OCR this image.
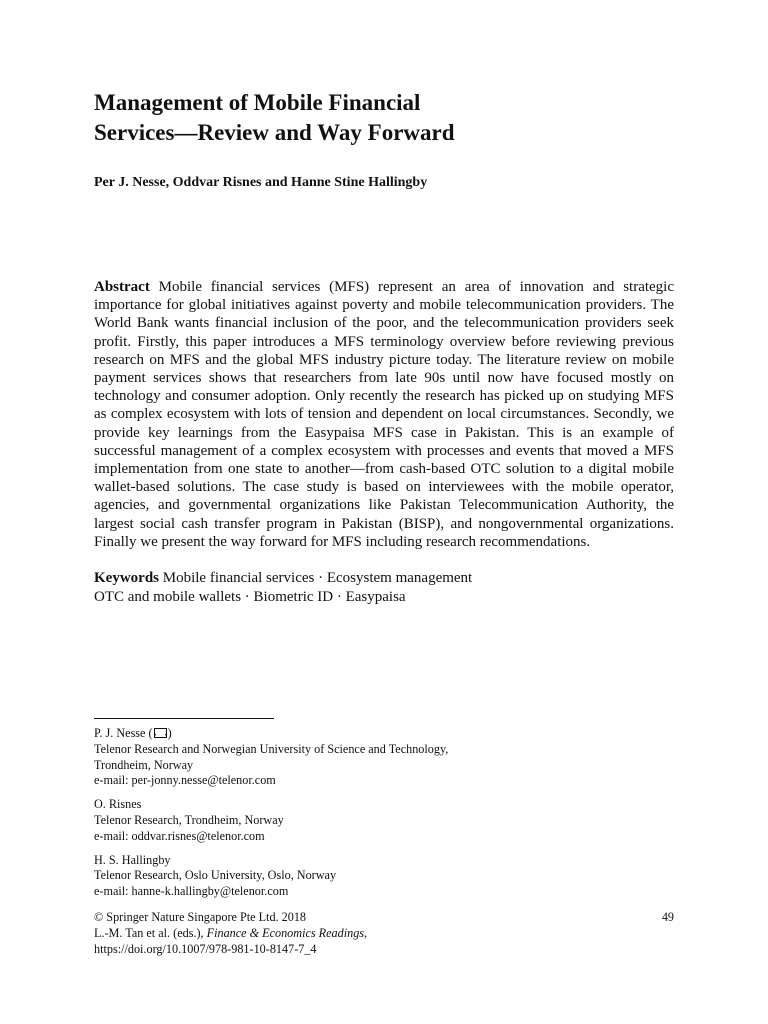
Management of Mobile Financial
Services—Review and Way Forward
Per J. Nesse, Oddvar Risnes and Hanne Stine Hallingby
Abstract Mobile financial services (MFS) represent an area of innovation and strategic importance for global initiatives against poverty and mobile telecommunication providers. The World Bank wants financial inclusion of the poor, and the telecommunication providers seek profit. Firstly, this paper introduces a MFS terminology overview before reviewing previous research on MFS and the global MFS industry picture today. The literature review on mobile payment services shows that researchers from late 90s until now have focused mostly on technology and consumer adoption. Only recently the research has picked up on studying MFS as complex ecosystem with lots of tension and dependent on local circumstances. Secondly, we provide key learnings from the Easypaisa MFS case in Pakistan. This is an example of successful management of a complex ecosystem with processes and events that moved a MFS implementation from one state to another—from cash-based OTC solution to a digital mobile wallet-based solutions. The case study is based on interviewees with the mobile operator, agencies, and governmental organizations like Pakistan Telecommunication Authority, the largest social cash transfer program in Pakistan (BISP), and nongovernmental organizations. Finally we present the way forward for MFS including research recommendations.
Keywords Mobile financial services · Ecosystem management
OTC and mobile wallets · Biometric ID · Easypaisa
P. J. Nesse ( )
Telenor Research and Norwegian University of Science and Technology,
Trondheim, Norway
e-mail: per-jonny.nesse@telenor.com
O. Risnes
Telenor Research, Trondheim, Norway
e-mail: oddvar.risnes@telenor.com
H. S. Hallingby
Telenor Research, Oslo University, Oslo, Norway
e-mail: hanne-k.hallingby@telenor.com
© Springer Nature Singapore Pte Ltd. 2018	49
L.-M. Tan et al. (eds.), Finance & Economics Readings,
https://doi.org/10.1007/978-981-10-8147-7_4
